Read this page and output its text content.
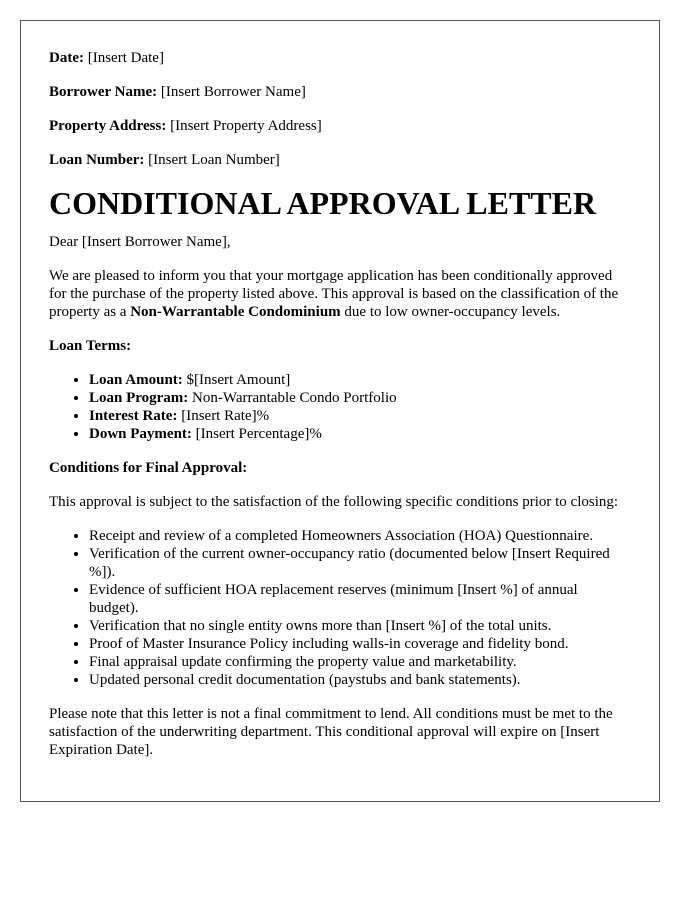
Date: [Insert Date]
Borrower Name: [Insert Borrower Name]
Property Address: [Insert Property Address]
Loan Number: [Insert Loan Number]
CONDITIONAL APPROVAL LETTER

Dear [Insert Borrower Name],

We are pleased to inform you that your mortgage application has been conditionally approved for the purchase of the property listed above. This approval is based on the classification of the property as a Non-Warrantable Condominium due to low owner-occupancy levels.

Loan Terms:
• Loan Amount: $[Insert Amount]
• Loan Program: Non-Warrantable Condo Portfolio
• Interest Rate: [Insert Rate]%
• Down Payment: [Insert Percentage]%
Conditions for Final Approval:

This approval is subject to the satisfaction of the following specific conditions prior to closing:

• Receipt and review of a completed Homeowners Association (HOA) Questionnaire.
• Verification of the current owner-occupancy ratio (documented below [Insert Required %]).
• Evidence of sufficient HOA replacement reserves (minimum [Insert %] of annual budget).
• Verification that no single entity owns more than [Insert %] of the total units.
• Proof of Master Insurance Policy including walls-in coverage and fidelity bond.
• Final appraisal update confirming the property value and marketability.
• Updated personal credit documentation (paystubs and bank statements).

Please note that this letter is not a final commitment to lend. All conditions must be met to the satisfaction of the underwriting department. This conditional approval will expire on [Insert Expiration Date].
